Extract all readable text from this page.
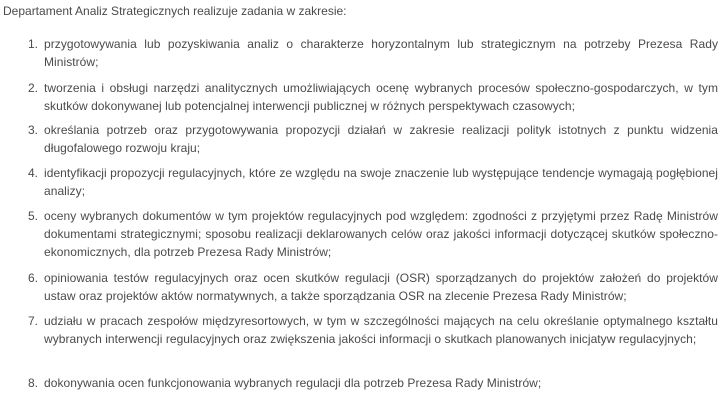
Departament Analiz Strategicznych realizuje zadania w zakresie:
1. przygotowywania lub pozyskiwania analiz o charakterze horyzontalnym lub strategicznym na potrzeby Prezesa Rady Ministrów;
2. tworzenia i obsługi narzędzi analitycznych umożliwiających ocenę wybranych procesów społeczno-gospodarczych, w tym skutków dokonywanej lub potencjalnej interwencji publicznej w różnych perspektywach czasowych;
3. określania potrzeb oraz przygotowywania propozycji działań w zakresie realizacji polityk istotnych z punktu widzenia długofalowego rozwoju kraju;
4. identyfikacji propozycji regulacyjnych, które ze względu na swoje znaczenie lub występujące tendencje wymagają pogłębionej analizy;
5. oceny wybranych dokumentów w tym projektów regulacyjnych pod względem: zgodności z przyjętymi przez Radę Ministrów dokumentami strategicznymi; sposobu realizacji deklarowanych celów oraz jakości informacji dotyczącej skutków społeczno-ekonomicznych, dla potrzeb Prezesa Rady Ministrów;
6. opiniowania testów regulacyjnych oraz ocen skutków regulacji (OSR) sporządzanych do projektów założeń do projektów ustaw oraz projektów aktów normatywnych, a także sporządzania OSR na zlecenie Prezesa Rady Ministrów;
7. udziału w pracach zespołów międzyresortowych, w tym w szczególności mających na celu określanie optymalnego kształtu wybranych interwencji regulacyjnych oraz zwiększenia jakości informacji o skutkach planowanych inicjatyw regulacyjnych;
8. dokonywania ocen funkcjonowania wybranych regulacji dla potrzeb Prezesa Rady Ministrów;
